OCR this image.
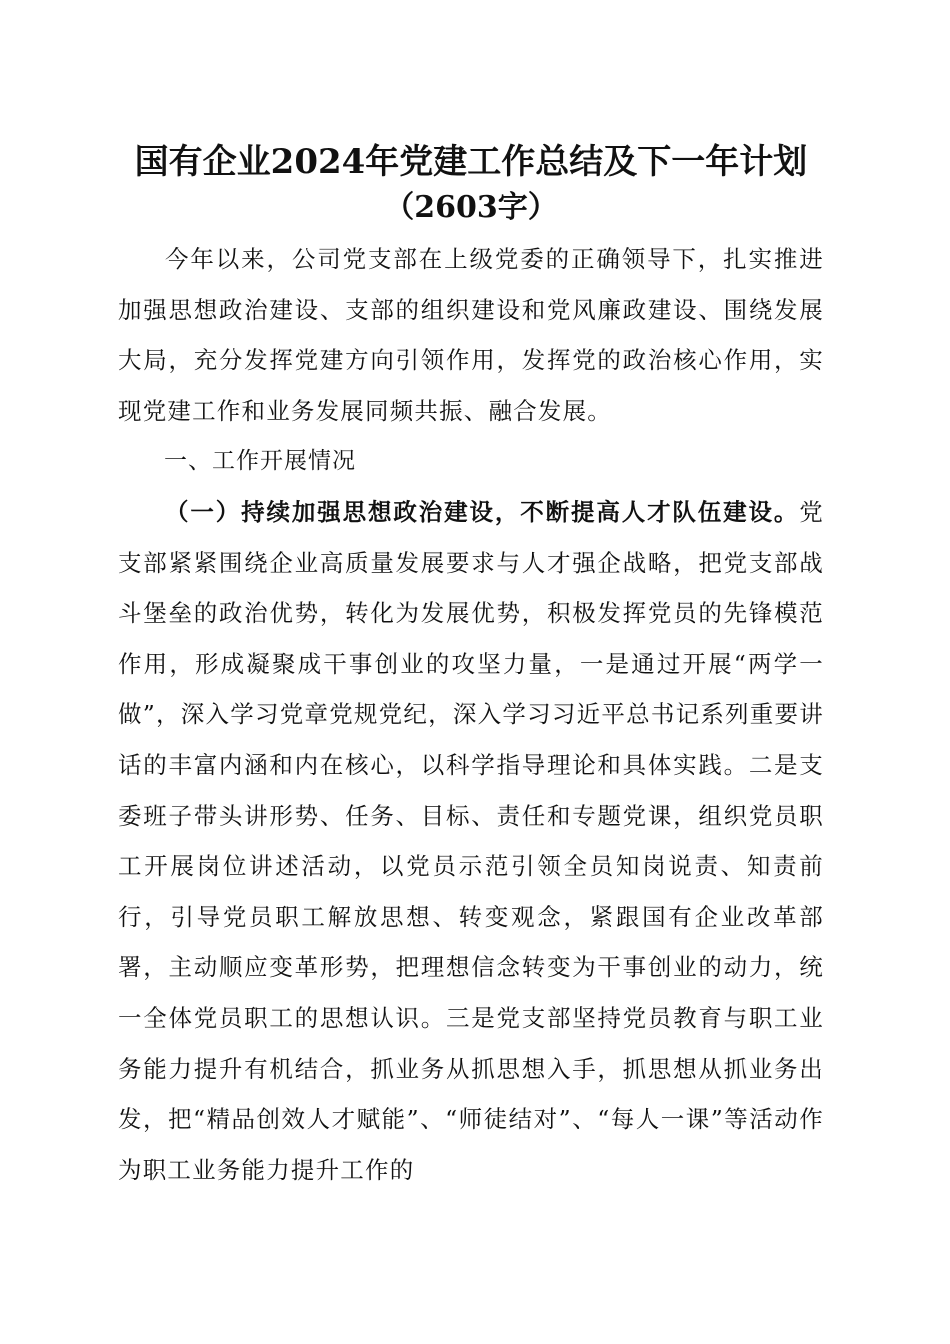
国有企业2024年党建工作总结及下一年计划
（2603字）

今年以来，公司党支部在上级党委的正确领导下，扎实推进加强思想政治建设、支部的组织建设和党风廉政建设、围绕发展大局，充分发挥党建方向引领作用，发挥党的政治核心作用，实现党建工作和业务发展同频共振、融合发展。

一、工作开展情况

（一）持续加强思想政治建设，不断提高人才队伍建设。党支部紧紧围绕企业高质量发展要求与人才强企战略，把党支部战斗堡垒的政治优势，转化为发展优势，积极发挥党员的先锋模范作用，形成凝聚成干事创业的攻坚力量，一是通过开展“两学一做”，深入学习党章党规党纪，深入学习习近平总书记系列重要讲话的丰富内涵和内在核心，以科学指导理论和具体实践。二是支委班子带头讲形势、任务、目标、责任和专题党课，组织党员职工开展岗位讲述活动，以党员示范引领全员知岗说责、知责前行，引导党员职工解放思想、转变观念，紧跟国有企业改革部署，主动顺应变革形势，把理想信念转变为干事创业的动力，统一全体党员职工的思想认识。三是党支部坚持党员教育与职工业务能力提升有机结合，抓业务从抓思想入手，抓思想从抓业务出发，把“精品创效人才赋能”、“师徒结对”、“每人一课”等活动作为职工业务能力提升工作的
